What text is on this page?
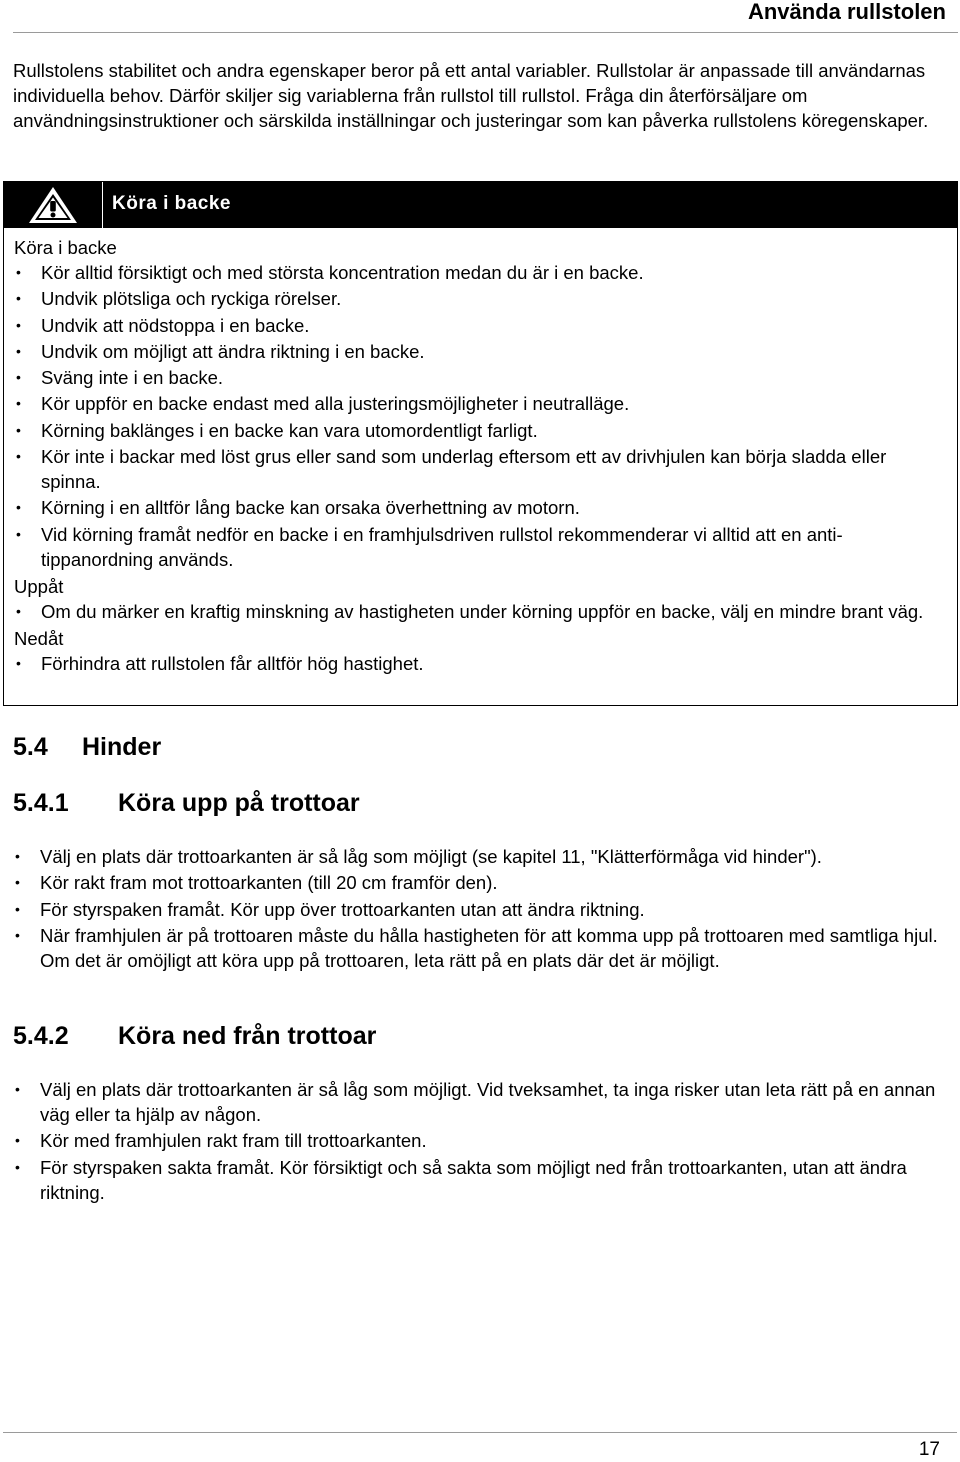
Använda rullstolen

Rullstolens stabilitet och andra egenskaper beror på ett antal variabler. Rullstolar är anpassade till användarnas individuella behov. Därför skiljer sig variablerna från rullstol till rullstol. Fråga din återförsäljare om användningsinstruktioner och särskilda inställningar och justeringar som kan påverka rullstolens köregenskaper.

Köra i backe

Köra i backe

• Kör alltid försiktigt och med största koncentration medan du är i en backe.
• Undvik plötsliga och ryckiga rörelser.
• Undvik att nödstoppa i en backe.
• Undvik om möjligt att ändra riktning i en backe.
• Sväng inte i en backe.
• Kör uppför en backe endast med alla justeringsmöjligheter i neutralläge.
• Körning baklänges i en backe kan vara utomordentligt farligt.
• Kör inte i backar med löst grus eller sand som underlag eftersom ett av drivhjulen kan börja sladda eller spinna.
• Körning i en alltför lång backe kan orsaka överhettning av motorn.
• Vid körning framåt nedför en backe i en framhjulsdriven rullstol rekommenderar vi alltid att en anti-tippanordning används.

Uppåt

• Om du märker en kraftig minskning av hastigheten under körning uppför en backe, välj en mindre brant väg.

Nedåt

• Förhindra att rullstolen får alltför hög hastighet.
5.4 Hinder
5.4.1 Köra upp på trottoar
• Välj en plats där trottoarkanten är så låg som möjligt (se kapitel 11, "Klätterförmåga vid hinder").
• Kör rakt fram mot trottoarkanten (till 20 cm framför den).
• För styrspaken framåt. Kör upp över trottoarkanten utan att ändra riktning.
• När framhjulen är på trottoaren måste du hålla hastigheten för att komma upp på trottoaren med samtliga hjul. Om det är omöjligt att köra upp på trottoaren, leta rätt på en plats där det är möjligt.
5.4.2 Köra ned från trottoar
• Välj en plats där trottoarkanten är så låg som möjligt. Vid tveksamhet, ta inga risker utan leta rätt på en annan väg eller ta hjälp av någon.
• Kör med framhjulen rakt fram till trottoarkanten.
• För styrspaken sakta framåt. Kör försiktigt och så sakta som möjligt ned från trottoarkanten, utan att ändra riktning.
17
